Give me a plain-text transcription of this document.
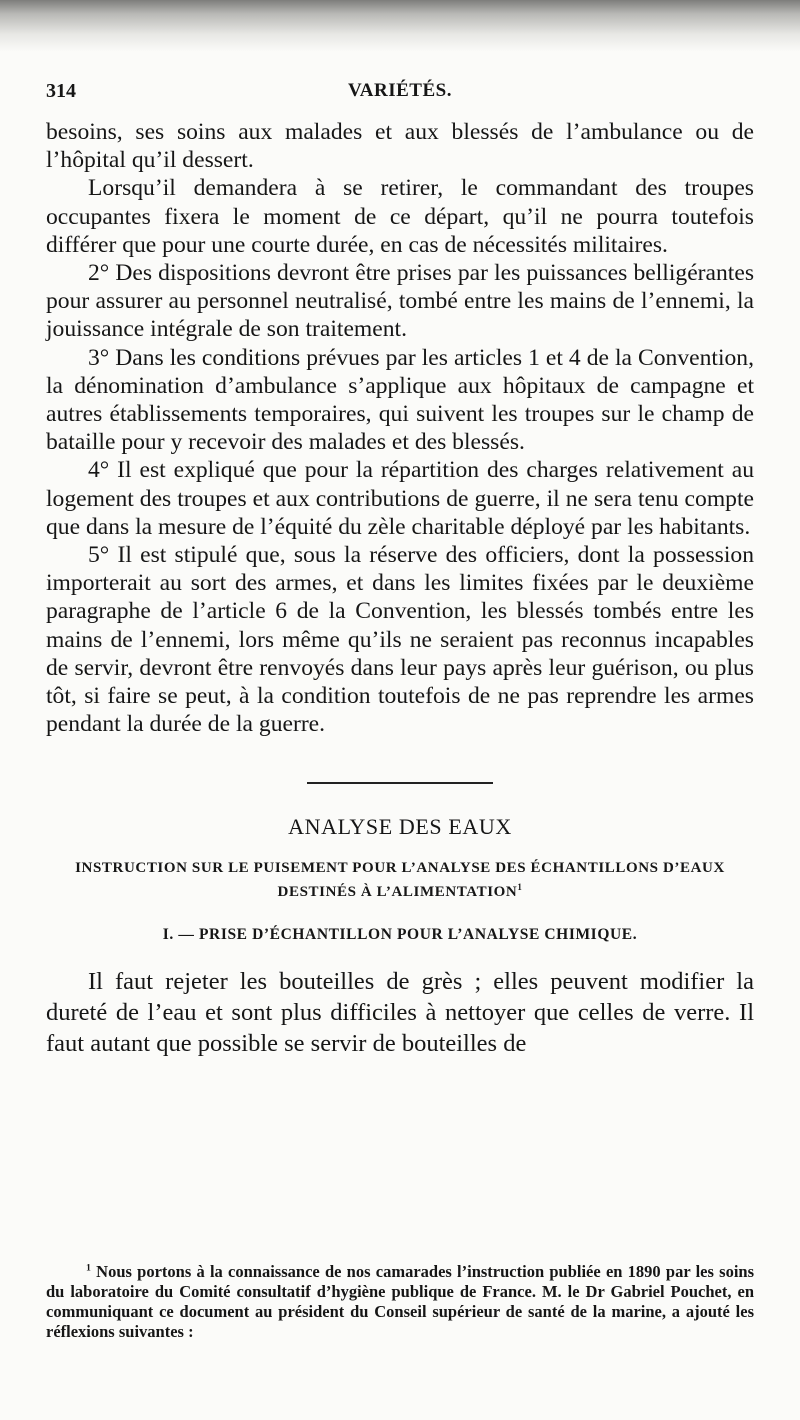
314	VARIÉTÉS.

besoins, ses soins aux malades et aux blessés de l’ambulance ou de l’hôpital qu’il dessert.

Lorsqu’il demandera à se retirer, le commandant des troupes occupantes fixera le moment de ce départ, qu’il ne pourra toutefois différer que pour une courte durée, en cas de nécessités militaires.

2° Des dispositions devront être prises par les puissances belligérantes pour assurer au personnel neutralisé, tombé entre les mains de l’ennemi, la jouissance intégrale de son traitement.

3° Dans les conditions prévues par les articles 1 et 4 de la Convention, la dénomination d’ambulance s’applique aux hôpitaux de campagne et autres établissements temporaires, qui suivent les troupes sur le champ de bataille pour y recevoir des malades et des blessés.

4° Il est expliqué que pour la répartition des charges relativement au logement des troupes et aux contributions de guerre, il ne sera tenu compte que dans la mesure de l’équité du zèle charitable déployé par les habitants.

5° Il est stipulé que, sous la réserve des officiers, dont la possession importerait au sort des armes, et dans les limites fixées par le deuxième paragraphe de l’article 6 de la Convention, les blessés tombés entre les mains de l’ennemi, lors même qu’ils ne seraient pas reconnus incapables de servir, devront être renvoyés dans leur pays après leur guérison, ou plus tôt, si faire se peut, à la condition toutefois de ne pas reprendre les armes pendant la durée de la guerre.

ANALYSE DES EAUX
INSTRUCTION SUR LE PUISEMENT POUR L’ANALYSE DES ÉCHANTILLONS D’EAUX
DESTINÉS À L’ALIMENTATION$^1$
I. — PRISE D’ÉCHANTILLON POUR L’ANALYSE CHIMIQUE.

Il faut rejeter les bouteilles de grès ; elles peuvent modifier la dureté de l’eau et sont plus difficiles à nettoyer que celles de verre. Il faut autant que possible se servir de bouteilles de

$^1$ Nous portons à la connaissance de nos camarades l’instruction publiée en 1890 par les soins du laboratoire du Comité consultatif d’hygiène publique de France. M. le Dr Gabriel Pouchet, en communiquant ce document au président du Conseil supérieur de santé de la marine, a ajouté les réflexions suivantes :
